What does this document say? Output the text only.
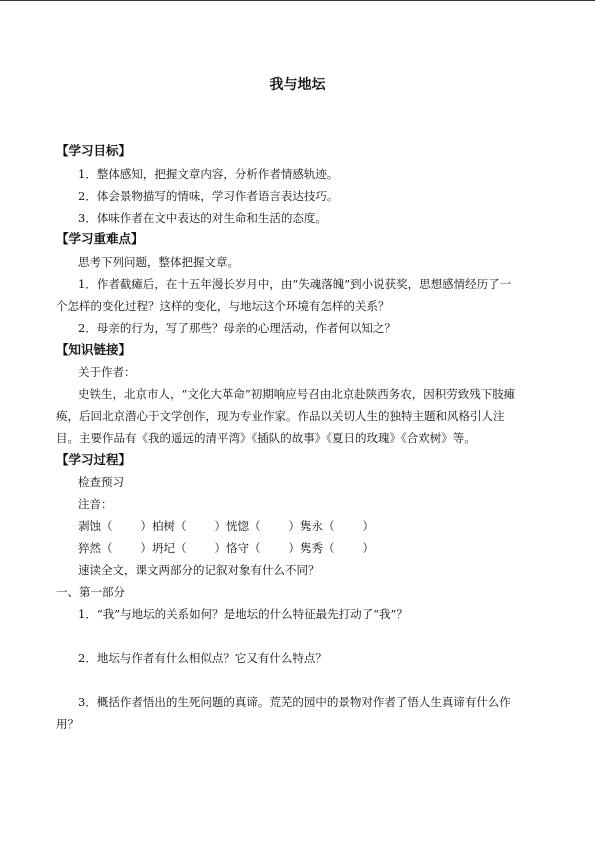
我与地坛
【学习目标】
1．整体感知，把握文章内容，分析作者情感轨迹。
2．体会景物描写的情味，学习作者语言表达技巧。
3．体味作者在文中表达的对生命和生活的态度。
【学习重难点】
思考下列问题，整体把握文章。
1．作者截瘫后，在十五年漫长岁月中，由“失魂落魄”到小说获奖，思想感情经历了一
个怎样的变化过程？这样的变化，与地坛这个环境有怎样的关系？
2．母亲的行为，写了那些？母亲的心理活动，作者何以知之？
【知识链接】
关于作者：
史铁生，北京市人，“文化大革命”初期响应号召由北京赴陕西务农，因积劳致残下肢瘫
痪，后回北京潜心于文学创作，现为专业作家。作品以关切人生的独特主题和风格引人注
目。主要作品有《我的遥远的清平湾》《插队的故事》《夏日的玫瑰》《合欢树》等。
【学习过程】
检查预习
注音：
剥蚀（ ）柏树（ ）恍惚（ ）隽永（ ）
猝然（ ）坍圮（ ）恪守（ ）隽秀（ ）
速读全文，课文两部分的记叙对象有什么不同？
一、第一部分
1．“我”与地坛的关系如何？是地坛的什么特征最先打动了“我”？
2．地坛与作者有什么相似点？它又有什么特点？
3．概括作者悟出的生死问题的真谛。荒芜的园中的景物对作者了悟人生真谛有什么作
用？
